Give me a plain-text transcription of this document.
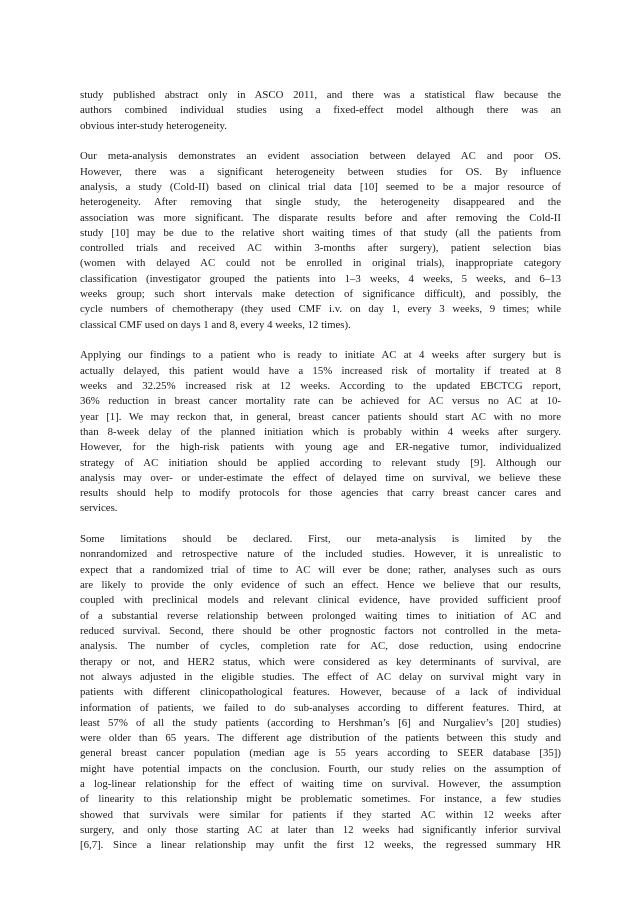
study published abstract only in ASCO 2011, and there was a statistical flaw because the
authors combined individual studies using a fixed-effect model although there was an
obvious inter-study heterogeneity.
Our meta-analysis demonstrates an evident association between delayed AC and poor OS.
However, there was a significant heterogeneity between studies for OS. By influence
analysis, a study (Cold-II) based on clinical trial data [10] seemed to be a major resource of
heterogeneity. After removing that single study, the heterogeneity disappeared and the
association was more significant. The disparate results before and after removing the Cold-II
study [10] may be due to the relative short waiting times of that study (all the patients from
controlled trials and received AC within 3-months after surgery), patient selection bias
(women with delayed AC could not be enrolled in original trials), inappropriate category
classification (investigator grouped the patients into 1–3 weeks, 4 weeks, 5 weeks, and 6–13
weeks group; such short intervals make detection of significance difficult), and possibly, the
cycle numbers of chemotherapy (they used CMF i.v. on day 1, every 3 weeks, 9 times; while
classical CMF used on days 1 and 8, every 4 weeks, 12 times).
Applying our findings to a patient who is ready to initiate AC at 4 weeks after surgery but is
actually delayed, this patient would have a 15% increased risk of mortality if treated at 8
weeks and 32.25% increased risk at 12 weeks. According to the updated EBCTCG report,
36% reduction in breast cancer mortality rate can be achieved for AC versus no AC at 10-
year [1]. We may reckon that, in general, breast cancer patients should start AC with no more
than 8-week delay of the planned initiation which is probably within 4 weeks after surgery.
However, for the high-risk patients with young age and ER-negative tumor, individualized
strategy of AC initiation should be applied according to relevant study [9]. Although our
analysis may over- or under-estimate the effect of delayed time on survival, we believe these
results should help to modify protocols for those agencies that carry breast cancer cares and
services.
Some limitations should be declared. First, our meta-analysis is limited by the
nonrandomized and retrospective nature of the included studies. However, it is unrealistic to
expect that a randomized trial of time to AC will ever be done; rather, analyses such as ours
are likely to provide the only evidence of such an effect. Hence we believe that our results,
coupled with preclinical models and relevant clinical evidence, have provided sufficient proof
of a substantial reverse relationship between prolonged waiting times to initiation of AC and
reduced survival. Second, there should be other prognostic factors not controlled in the meta-
analysis. The number of cycles, completion rate for AC, dose reduction, using endocrine
therapy or not, and HER2 status, which were considered as key determinants of survival, are
not always adjusted in the eligible studies. The effect of AC delay on survival might vary in
patients with different clinicopathological features. However, because of a lack of individual
information of patients, we failed to do sub-analyses according to different features. Third, at
least 57% of all the study patients (according to Hershman’s [6] and Nurgaliev’s [20] studies)
were older than 65 years. The different age distribution of the patients between this study and
general breast cancer population (median age is 55 years according to SEER database [35])
might have potential impacts on the conclusion. Fourth, our study relies on the assumption of
a log-linear relationship for the effect of waiting time on survival. However, the assumption
of linearity to this relationship might be problematic sometimes. For instance, a few studies
showed that survivals were similar for patients if they started AC within 12 weeks after
surgery, and only those starting AC at later than 12 weeks had significantly inferior survival
[6,7]. Since a linear relationship may unfit the first 12 weeks, the regressed summary HR
